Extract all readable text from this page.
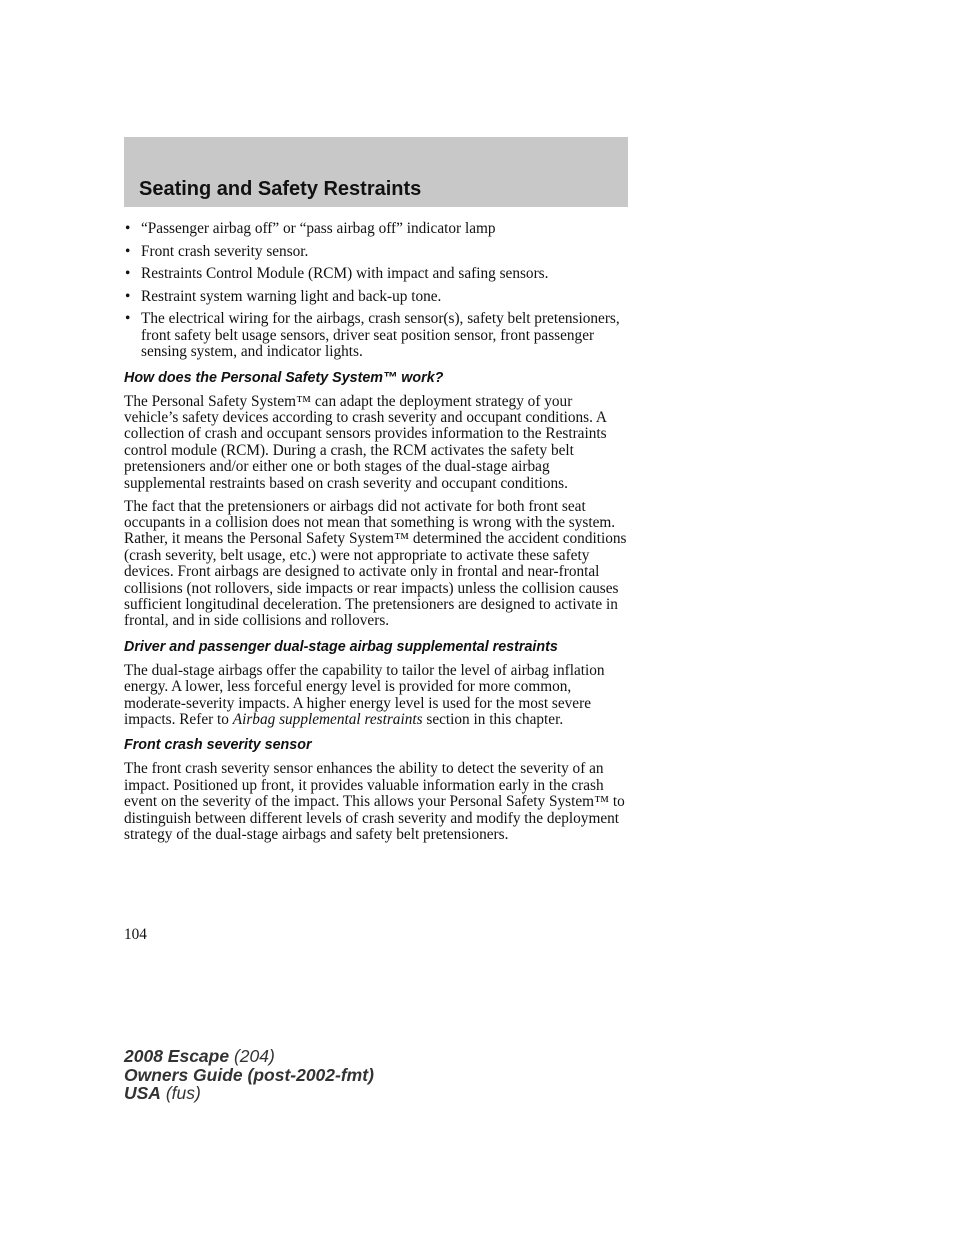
Seating and Safety Restraints
• “Passenger airbag off” or “pass airbag off” indicator lamp
• Front crash severity sensor.
• Restraints Control Module (RCM) with impact and safing sensors.
• Restraint system warning light and back-up tone.
• The electrical wiring for the airbags, crash sensor(s), safety belt pretensioners, front safety belt usage sensors, driver seat position sensor, front passenger sensing system, and indicator lights.
How does the Personal Safety System™ work?

The Personal Safety System™ can adapt the deployment strategy of your vehicle’s safety devices according to crash severity and occupant conditions. A collection of crash and occupant sensors provides information to the Restraints control module (RCM). During a crash, the RCM activates the safety belt pretensioners and/or either one or both stages of the dual-stage airbag supplemental restraints based on crash severity and occupant conditions.

The fact that the pretensioners or airbags did not activate for both front seat occupants in a collision does not mean that something is wrong with the system. Rather, it means the Personal Safety System™ determined the accident conditions (crash severity, belt usage, etc.) were not appropriate to activate these safety devices. Front airbags are designed to activate only in frontal and near-frontal collisions (not rollovers, side impacts or rear impacts) unless the collision causes sufficient longitudinal deceleration. The pretensioners are designed to activate in frontal, and in side collisions and rollovers.

Driver and passenger dual-stage airbag supplemental restraints

The dual-stage airbags offer the capability to tailor the level of airbag inflation energy. A lower, less forceful energy level is provided for more common, moderate-severity impacts. A higher energy level is used for the most severe impacts. Refer to Airbag supplemental restraints section in this chapter.

Front crash severity sensor

The front crash severity sensor enhances the ability to detect the severity of an impact. Positioned up front, it provides valuable information early in the crash event on the severity of the impact. This allows your Personal Safety System™ to distinguish between different levels of crash severity and modify the deployment strategy of the dual-stage airbags and safety belt pretensioners.

104
2008 Escape (204)
Owners Guide (post-2002-fmt)
USA (fus)
